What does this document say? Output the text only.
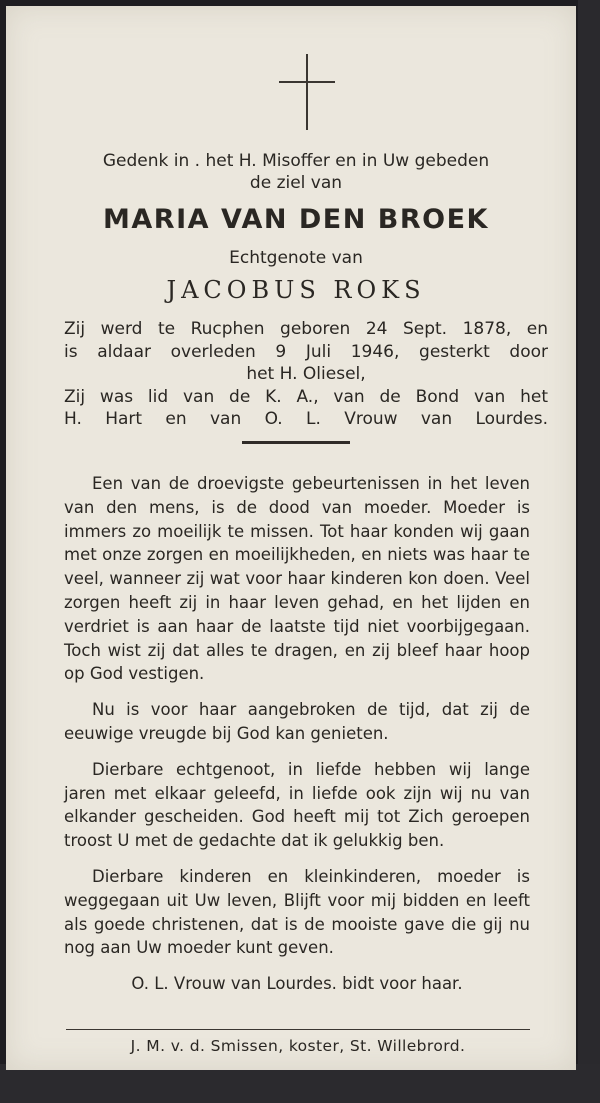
Gedenk in . het H. Misoffer en in Uw gebeden

de ziel van

MARIA VAN DEN BROEK

Echtgenote van

JACOBUS ROKS

Zij werd te Rucphen geboren 24 Sept. 1878, en

is aldaar overleden 9 Juli 1946, gesterkt door

het H. Oliesel,

Zij was lid van de K. A., van de Bond van het

H. Hart en van O. L. Vrouw van Lourdes.

Een van de droevigste gebeurtenissen in het leven van den mens, is de dood van moeder. Moeder is immers zo moeilijk te missen. Tot haar konden wij gaan met onze zorgen en moeilijkheden, en niets was haar te veel, wanneer zij wat voor haar kinderen kon doen. Veel zorgen heeft zij in haar leven gehad, en het lijden en verdriet is aan haar de laatste tijd niet voorbijgegaan. Toch wist zij dat alles te dragen, en zij bleef haar hoop op God vestigen.

Nu is voor haar aangebroken de tijd, dat zij de eeuwige vreugde bij God kan genieten.

Dierbare echtgenoot, in liefde hebben wij lange jaren met elkaar geleefd, in liefde ook zijn wij nu van elkander gescheiden. God heeft mij tot Zich geroepen troost U met de gedachte dat ik gelukkig ben.

Dierbare kinderen en kleinkinderen, moeder is weggegaan uit Uw leven, Blijft voor mij bidden en leeft als goede christenen, dat is de mooiste gave die gij nu nog aan Uw moeder kunt geven.

O. L. Vrouw van Lourdes. bidt voor haar.

J. M. v. d. Smissen, koster, St. Willebrord.
